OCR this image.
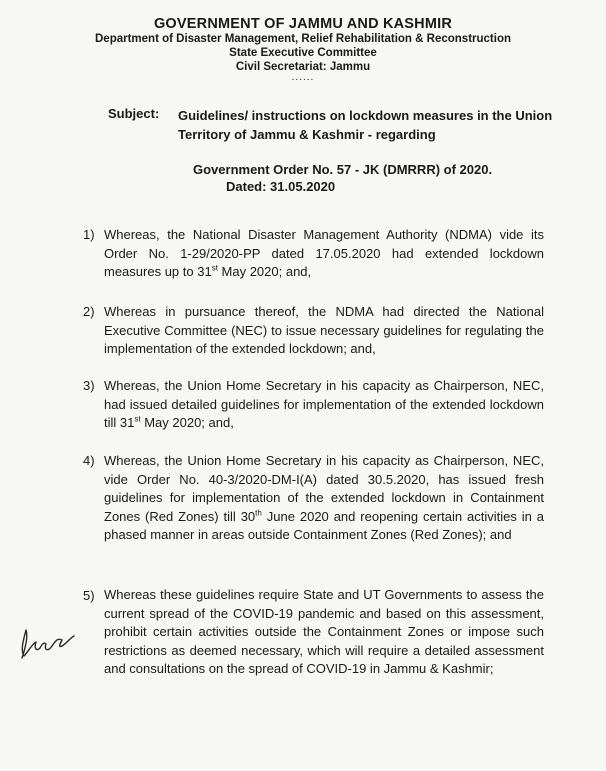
GOVERNMENT OF JAMMU AND KASHMIR
Department of Disaster Management, Relief Rehabilitation & Reconstruction
State Executive Committee
Civil Secretariat: Jammu
......
Subject: Guidelines/ instructions on lockdown measures in the Union Territory of Jammu & Kashmir - regarding
Government Order No. 57 - JK (DMRRR) of 2020.
Dated: 31.05.2020
1) Whereas, the National Disaster Management Authority (NDMA) vide its Order No. 1-29/2020-PP dated 17.05.2020 had extended lockdown measures up to 31st May 2020; and,
2) Whereas in pursuance thereof, the NDMA had directed the National Executive Committee (NEC) to issue necessary guidelines for regulating the implementation of the extended lockdown; and,
3) Whereas, the Union Home Secretary in his capacity as Chairperson, NEC, had issued detailed guidelines for implementation of the extended lockdown till 31st May 2020; and,
4) Whereas, the Union Home Secretary in his capacity as Chairperson, NEC, vide Order No. 40-3/2020-DM-I(A) dated 30.5.2020, has issued fresh guidelines for implementation of the extended lockdown in Containment Zones (Red Zones) till 30th June 2020 and reopening certain activities in a phased manner in areas outside Containment Zones (Red Zones); and
5) Whereas these guidelines require State and UT Governments to assess the current spread of the COVID-19 pandemic and based on this assessment, prohibit certain activities outside the Containment Zones or impose such restrictions as deemed necessary, which will require a detailed assessment and consultations on the spread of COVID-19 in Jammu & Kashmir;
